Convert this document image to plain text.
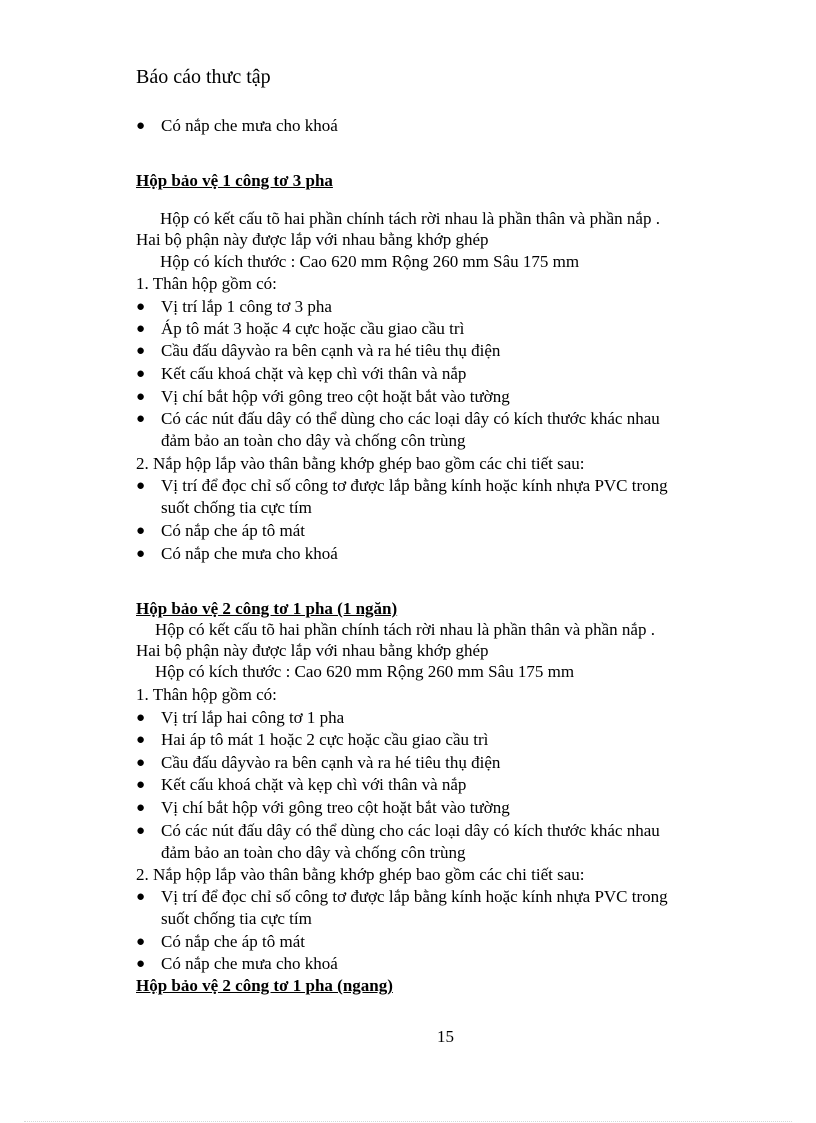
Báo cáo thưc tập
● Có nắp che mưa cho khoá
Hộp bảo vệ 1 công tơ 3 pha
Hộp có kết cấu tõ hai phần chính tách rời nhau là phần thân và phần nắp .
Hai bộ phận này được lắp với nhau bằng khớp ghép
Hộp có kích thước : Cao 620 mm Rộng 260 mm Sâu 175 mm
1. Thân hộp gồm có:
● Vị trí lắp 1 công tơ 3 pha
● Áp tô mát 3 hoặc 4 cực hoặc cầu giao cầu trì
● Cầu đấu dâyvào ra bên cạnh và ra hé tiêu thụ điện
● Kết cấu khoá chặt và kẹp chì với thân và nắp
● Vị chí bắt hộp với gông treo cột hoặt bắt vào tường
● Có các nút đấu dây có thể dùng cho các loại dây có kích thước khác nhau
đảm bảo an toàn cho dây và chống côn trùng
2. Nắp hộp lắp vào thân bằng khớp ghép bao gồm các chi tiết sau:
● Vị trí để đọc chỉ số công tơ được lắp bằng kính hoặc kính nhựa PVC trong
suốt chống tia cực tím
● Có nắp che áp tô mát
● Có nắp che mưa cho khoá
Hộp bảo vệ 2 công tơ 1 pha (1 ngăn)
Hộp có kết cấu tõ hai phần chính tách rời nhau là phần thân và phần nắp .
Hai bộ phận này được lắp với nhau bằng khớp ghép
Hộp có kích thước : Cao 620 mm Rộng 260 mm Sâu 175 mm
1. Thân hộp gồm có:
● Vị trí lắp hai công tơ 1 pha
● Hai áp tô mát 1 hoặc 2 cực hoặc cầu giao cầu trì
● Cầu đấu dâyvào ra bên cạnh và ra hé tiêu thụ điện
● Kết cấu khoá chặt và kẹp chì với thân và nắp
● Vị chí bắt hộp với gông treo cột hoặt bắt vào tường
● Có các nút đấu dây có thể dùng cho các loại dây có kích thước khác nhau
đảm bảo an toàn cho dây và chống côn trùng
2. Nắp hộp lắp vào thân bằng khớp ghép bao gồm các chi tiết sau:
● Vị trí để đọc chỉ số công tơ được lắp bằng kính hoặc kính nhựa PVC trong
suốt chống tia cực tím
● Có nắp che áp tô mát
● Có nắp che mưa cho khoá
Hộp bảo vệ 2 công tơ 1 pha (ngang)
15
